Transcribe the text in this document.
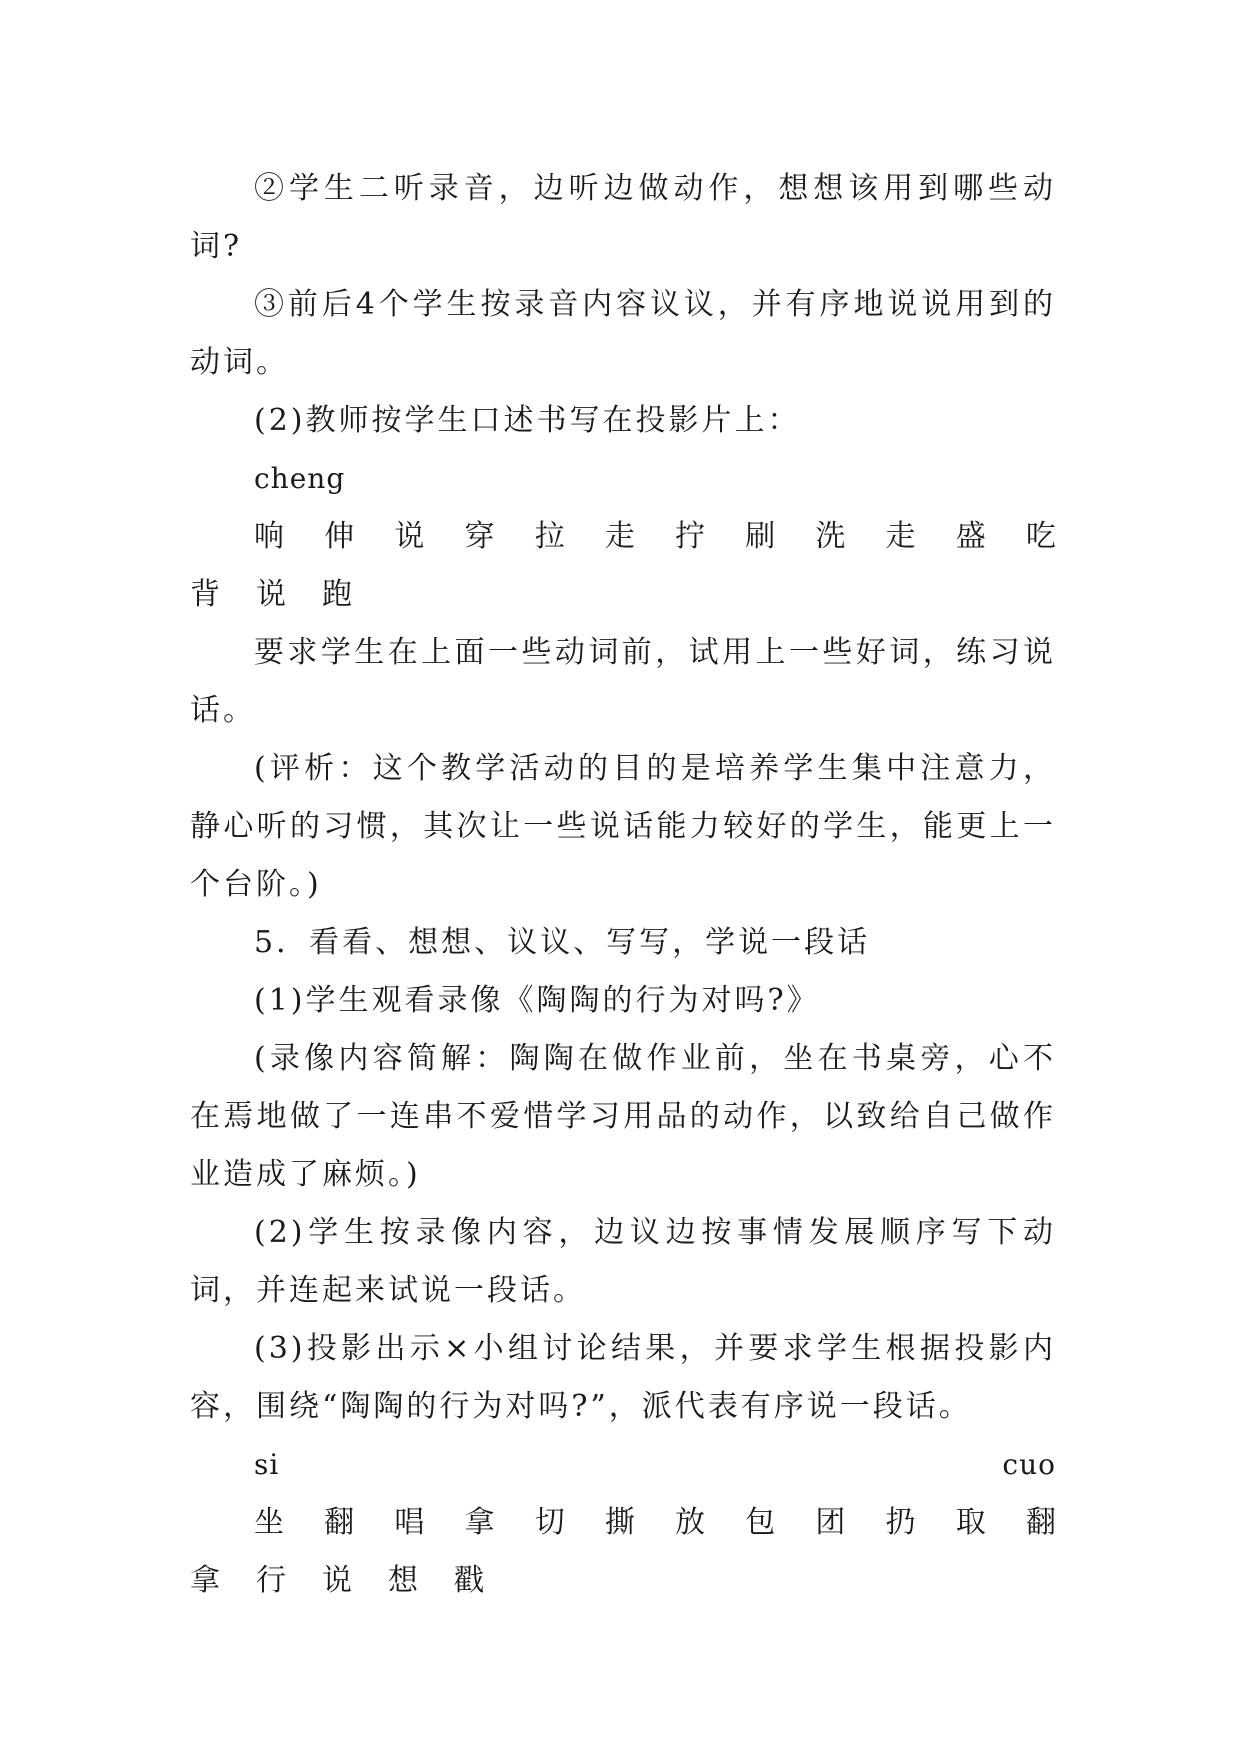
②学生二听录音，边听边做动作，想想该用到哪些动词?

③前后4个学生按录音内容议议，并有序地说说用到的动词。

(2)教师按学生口述书写在投影片上：

cheng
响 伸 说 穿 拉 走 拧 刷 洗 走 盛 吃
背 说 跑

要求学生在上面一些动词前，试用上一些好词，练习说话。

(评析：这个教学活动的目的是培养学生集中注意力，静心听的习惯，其次让一些说话能力较好的学生，能更上一个台阶。)

5．看看、想想、议议、写写，学说一段话

(1)学生观看录像《陶陶的行为对吗?》

(录像内容简解：陶陶在做作业前，坐在书桌旁，心不在焉地做了一连串不爱惜学习用品的动作，以致给自己做作业造成了麻烦。)

(2)学生按录像内容，边议边按事情发展顺序写下动词，并连起来试说一段话。

(3)投影出示×小组讨论结果，并要求学生根据投影内容，围绕“陶陶的行为对吗?”，派代表有序说一段话。

si	cuo
坐 翻 唱 拿 切 撕 放 包 团 扔 取 翻
拿 行 说 想 戳
